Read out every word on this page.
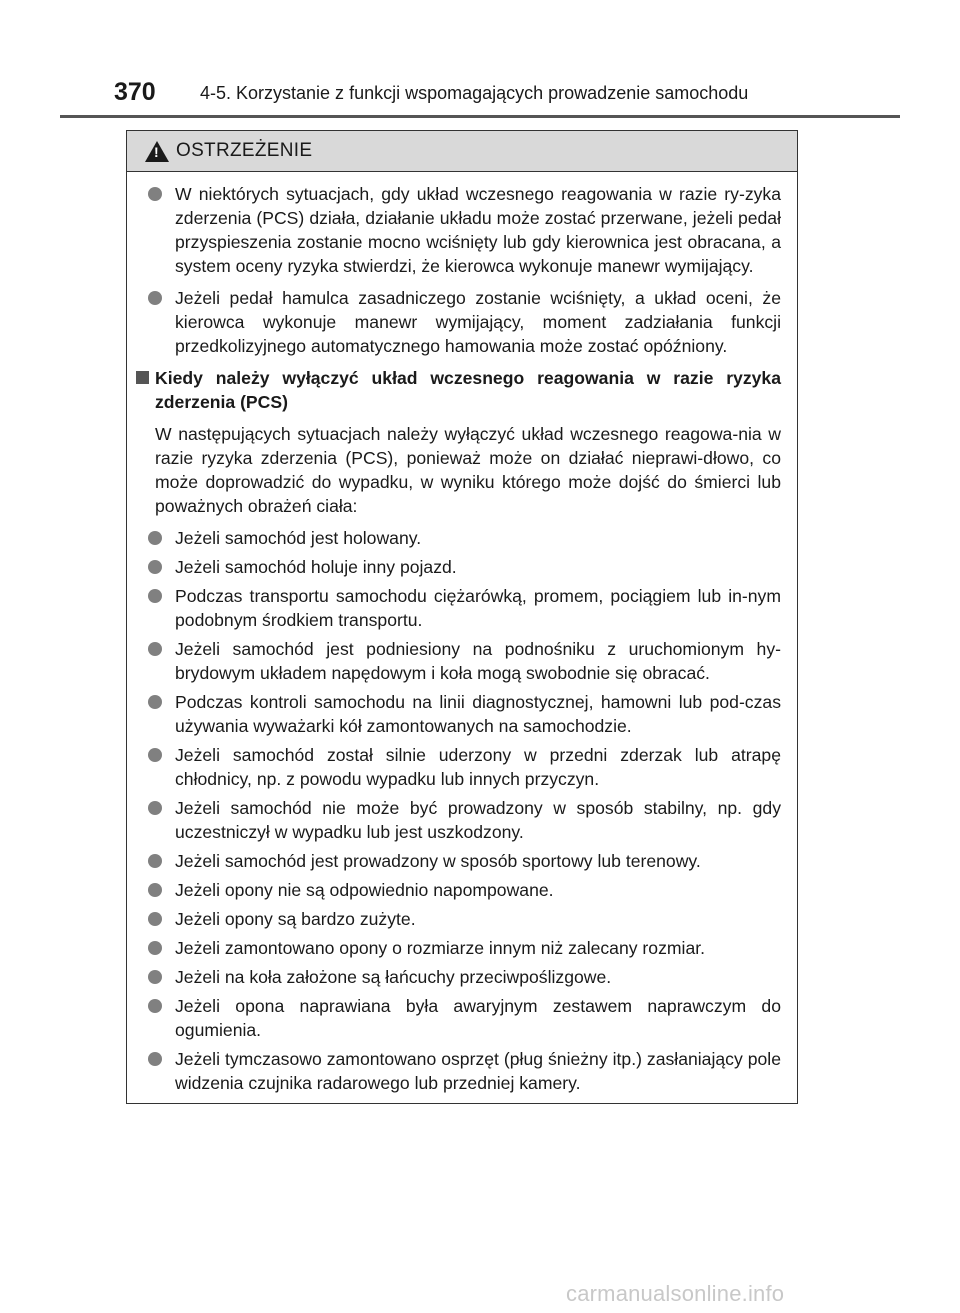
370 4-5. Korzystanie z funkcji wspomagających prowadzenie samochodu
!
OSTRZEŻENIE
W niektórych sytuacjach, gdy układ wczesnego reagowania w razie ry-zyka zderzenia (PCS) działa, działanie układu może zostać przerwane, jeżeli pedał przyspieszenia zostanie mocno wciśnięty lub gdy kierownica jest obracana, a system oceny ryzyka stwierdzi, że kierowca wykonuje manewr wymijający.
Jeżeli pedał hamulca zasadniczego zostanie wciśnięty, a układ oceni, że kierowca wykonuje manewr wymijający, moment zadziałania funkcji przedkolizyjnego automatycznego hamowania może zostać opóźniony.
Kiedy należy wyłączyć układ wczesnego reagowania w razie ryzyka zderzenia (PCS)
W następujących sytuacjach należy wyłączyć układ wczesnego reagowa-nia w razie ryzyka zderzenia (PCS), ponieważ może on działać nieprawi-dłowo, co może doprowadzić do wypadku, w wyniku którego może dojść do śmierci lub poważnych obrażeń ciała:
Jeżeli samochód jest holowany.
Jeżeli samochód holuje inny pojazd.
Podczas transportu samochodu ciężarówką, promem, pociągiem lub in-nym podobnym środkiem transportu.
Jeżeli samochód jest podniesiony na podnośniku z uruchomionym hy-brydowym układem napędowym i koła mogą swobodnie się obracać.
Podczas kontroli samochodu na linii diagnostycznej, hamowni lub pod-czas używania wyważarki kół zamontowanych na samochodzie.
Jeżeli samochód został silnie uderzony w przedni zderzak lub atrapę chłodnicy, np. z powodu wypadku lub innych przyczyn.
Jeżeli samochód nie może być prowadzony w sposób stabilny, np. gdy uczestniczył w wypadku lub jest uszkodzony.
Jeżeli samochód jest prowadzony w sposób sportowy lub terenowy.
Jeżeli opony nie są odpowiednio napompowane.
Jeżeli opony są bardzo zużyte.
Jeżeli zamontowano opony o rozmiarze innym niż zalecany rozmiar.
Jeżeli na koła założone są łańcuchy przeciwpoślizgowe.
Jeżeli opona naprawiana była awaryjnym zestawem naprawczym do ogumienia.
Jeżeli tymczasowo zamontowano osprzęt (pług śnieżny itp.) zasłaniający pole widzenia czujnika radarowego lub przedniej kamery.
carmanualsonline.info
